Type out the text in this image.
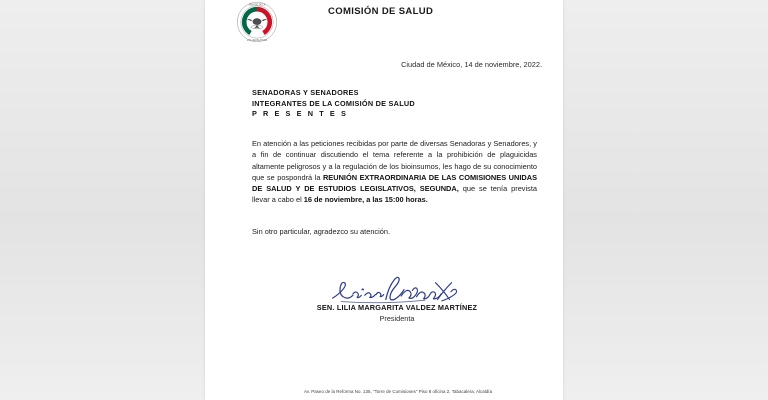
SENADO DE LA
LXV LEGISLATURA
COMISIÓN DE SALUD
Ciudad de México, 14 de noviembre, 2022.
SENADORAS Y SENADORES
INTEGRANTES DE LA COMISIÓN DE SALUD
P R E S E N T E S

En atención a las peticiones recibidas por parte de diversas Senadoras y Senadores, y a fin de continuar discutiendo el tema referente a la prohibición de plaguicidas altamente peligrosos y a la regulación de los bioinsumos, les hago de su conocimiento que se pospondrá la REUNIÓN EXTRAORDINARIA DE LAS COMISIONES UNIDAS DE SALUD Y DE ESTUDIOS LEGISLATIVOS, SEGUNDA, que se tenía prevista llevar a cabo el 16 de noviembre, a las 15:00 horas.

Sin otro particular, agradezco su atención.

SEN. LILIA MARGARITA VALDEZ MARTÍNEZ
Presidenta
Av. Paseo de la Reforma No. 135, "Torre de Comisiones" Piso 8 oficina 2, Tabacalera, Alcaldía
